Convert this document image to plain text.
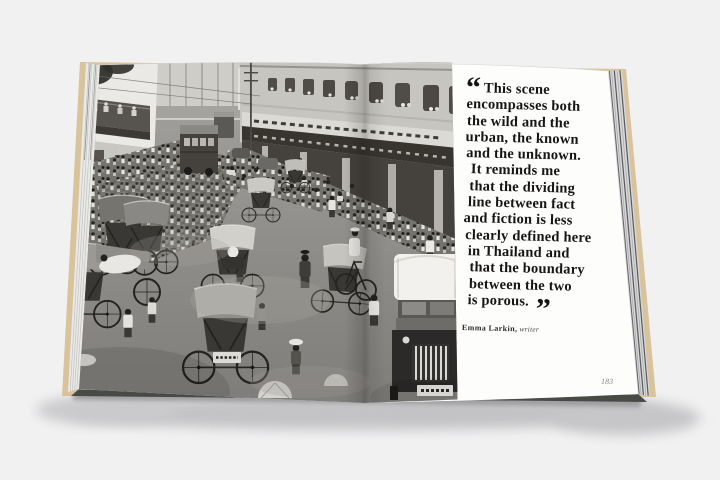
“ This scene
encompasses both
the wild and the
urban, the known
and the unknown.
It reminds me
that the dividing
line between fact
and fiction is less
clearly defined here
in Thailand and
that the boundary
between the two
is porous. ”
Emma Larkin, writer
183
